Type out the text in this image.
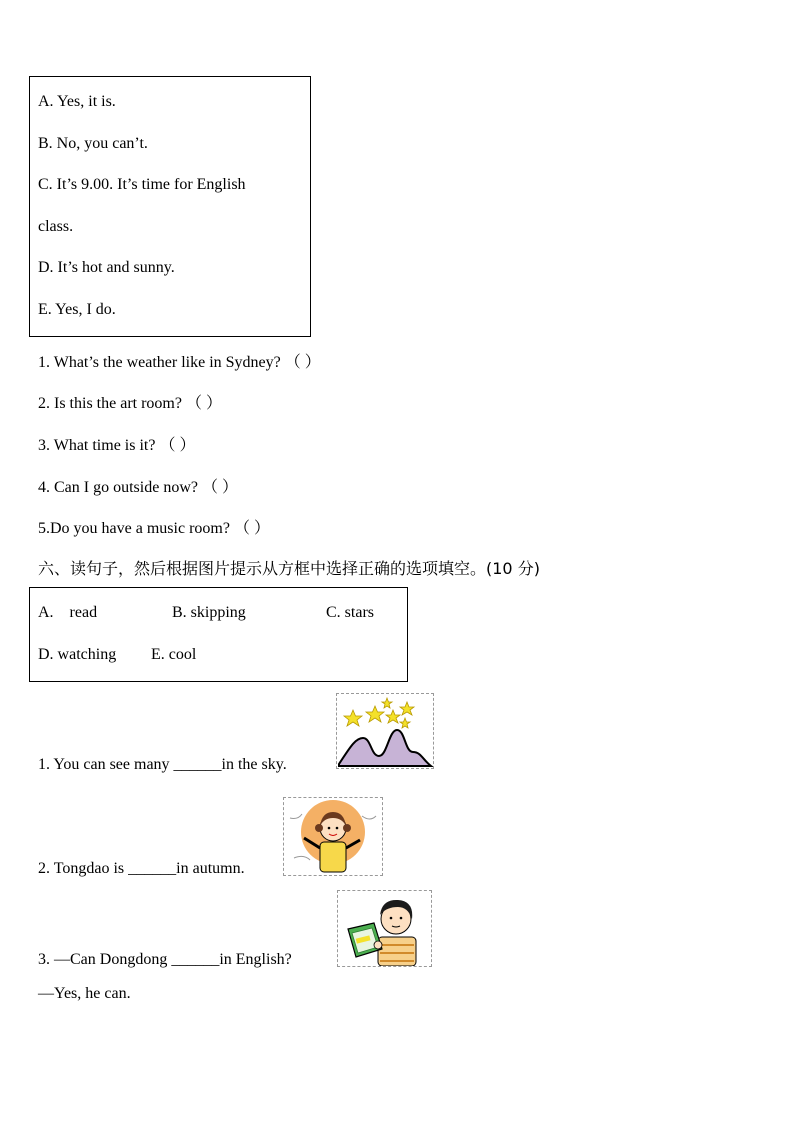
A. Yes, it is.
B. No, you can’t.
C. It’s 9.00. It’s time for English
class.
D. It’s hot and sunny.
E. Yes, I do.
1. What’s the weather like in Sydney? （ ）
2. Is this the art room? （ ）
3. What time is it? （ ）
4. Can I go outside now? （ ）
5.Do you have a music room? （ ）
六、读句子，然后根据图片提示从方框中选择正确的选项填空。(10 分)
A.    read	B. skipping	C. stars
D. watching E. cool
1. You can see many ______in the sky.
2. Tongdao is ______in autumn.
3. —Can Dongdong ______in English?
—Yes, he can.
